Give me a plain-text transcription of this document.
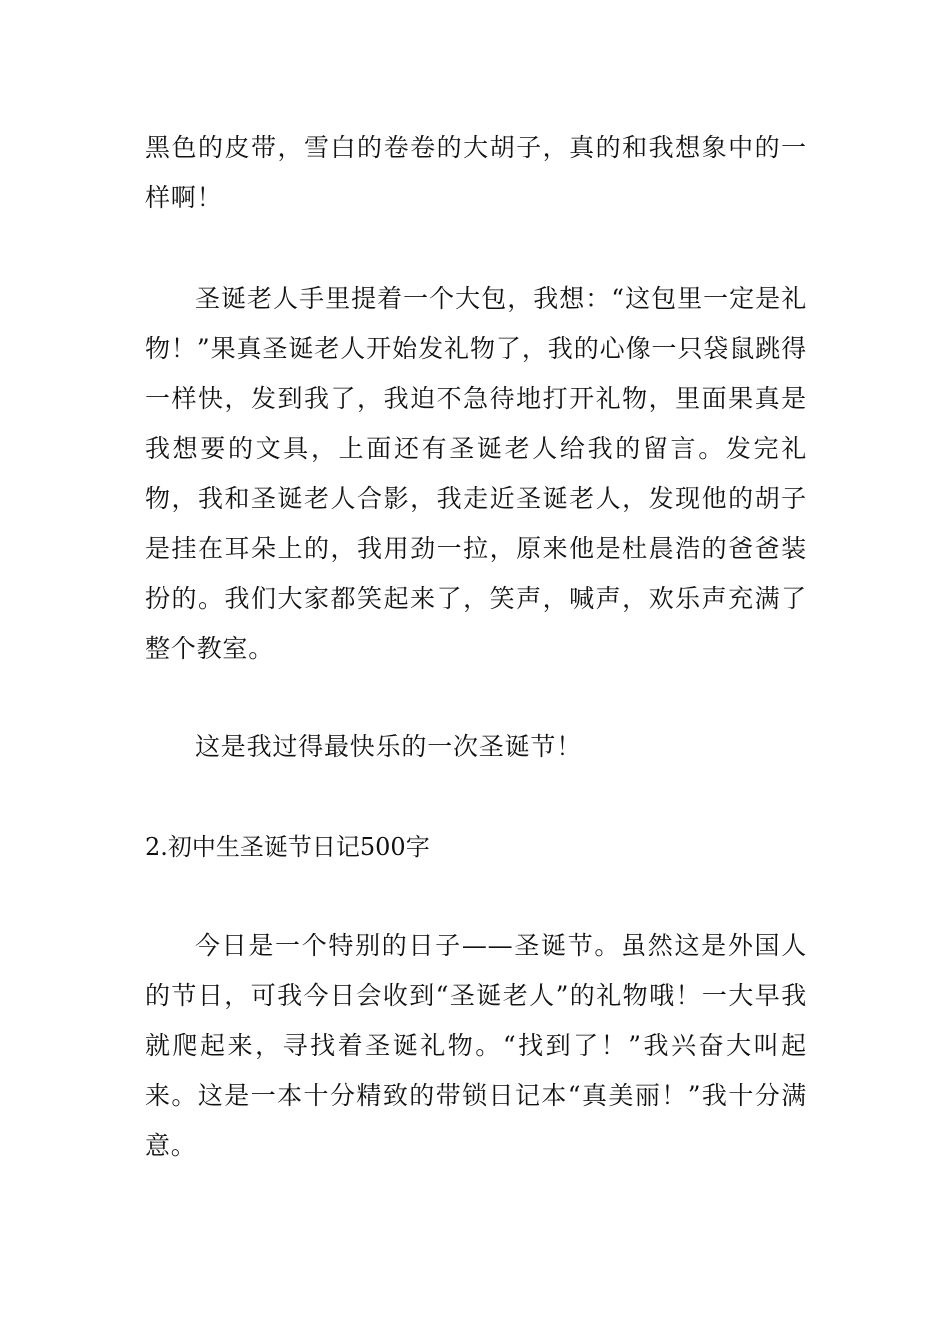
黑色的皮带，雪白的卷卷的大胡子，真的和我想象中的一样啊！

圣诞老人手里提着一个大包，我想：“这包里一定是礼物！”果真圣诞老人开始发礼物了，我的心像一只袋鼠跳得一样快，发到我了，我迫不急待地打开礼物，里面果真是我想要的文具，上面还有圣诞老人给我的留言。发完礼物，我和圣诞老人合影，我走近圣诞老人，发现他的胡子是挂在耳朵上的，我用劲一拉，原来他是杜晨浩的爸爸装扮的。我们大家都笑起来了，笑声，喊声，欢乐声充满了整个教室。

这是我过得最快乐的一次圣诞节！

2.初中生圣诞节日记500字

今日是一个特别的日子——圣诞节。虽然这是外国人的节日，可我今日会收到“圣诞老人”的礼物哦！一大早我就爬起来，寻找着圣诞礼物。“找到了！”我兴奋大叫起来。这是一本十分精致的带锁日记本“真美丽！”我十分满意。
